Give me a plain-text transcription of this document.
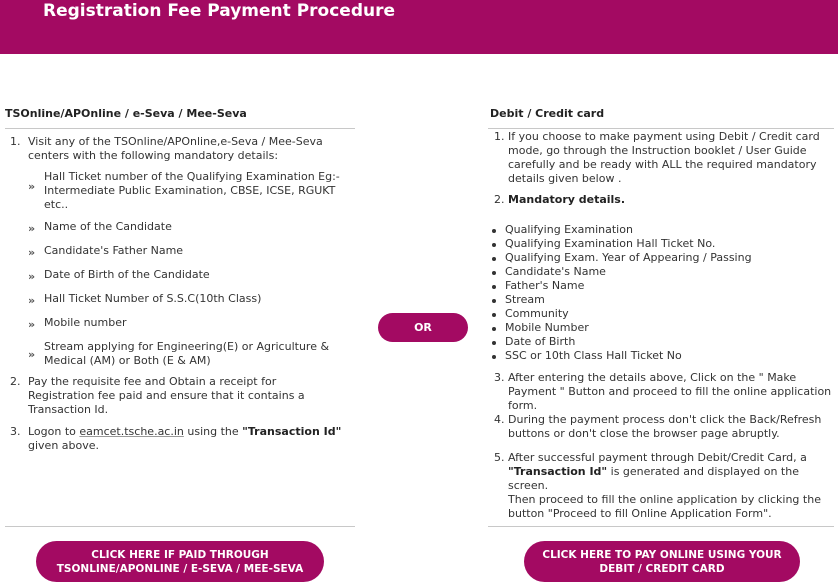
Registration Fee Payment Procedure
TSOnline/APOnline / e-Seva / Mee-Seva
1. Visit any of the TSOnline/APOnline,e-Seva / Mee-Seva
centers with the following mandatory details:
»
Hall Ticket number of the Qualifying Examination Eg:-
Intermediate Public Examination, CBSE, ICSE, RGUKT
etc..
» Name of the Candidate
» Candidate's Father Name
» Date of Birth of the Candidate
» Hall Ticket Number of S.S.C(10th Class)
» Mobile number
»
Stream applying for Engineering(E) or Agriculture &
Medical (AM) or Both (E & AM)
2. Pay the requisite fee and Obtain a receipt for
Registration fee paid and ensure that it contains a
Transaction Id.
3. Logon to eamcet.tsche.ac.in using the "Transaction Id"
given above.
CLICK HERE IF PAID THROUGH
TSONLINE/APONLINE / E-SEVA / MEE-SEVA
OR
Debit / Credit card
1. If you choose to make payment using Debit / Credit card
mode, go through the Instruction booklet / User Guide
carefully and be ready with ALL the required mandatory
details given below .
2. Mandatory details.
Qualifying Examination
Qualifying Examination Hall Ticket No.
Qualifying Exam. Year of Appearing / Passing
Candidate's Name
Father's Name
Stream
Community
Mobile Number
Date of Birth
SSC or 10th Class Hall Ticket No
3. After entering the details above, Click on the " Make
Payment " Button and proceed to fill the online application
form.
4. During the payment process don't click the Back/Refresh
buttons or don't close the browser page abruptly.
5. After successful payment through Debit/Credit Card, a
"Transaction Id" is generated and displayed on the screen.
Then proceed to fill the online application by clicking the
button "Proceed to fill Online Application Form".
CLICK HERE TO PAY ONLINE USING YOUR
DEBIT / CREDIT CARD
